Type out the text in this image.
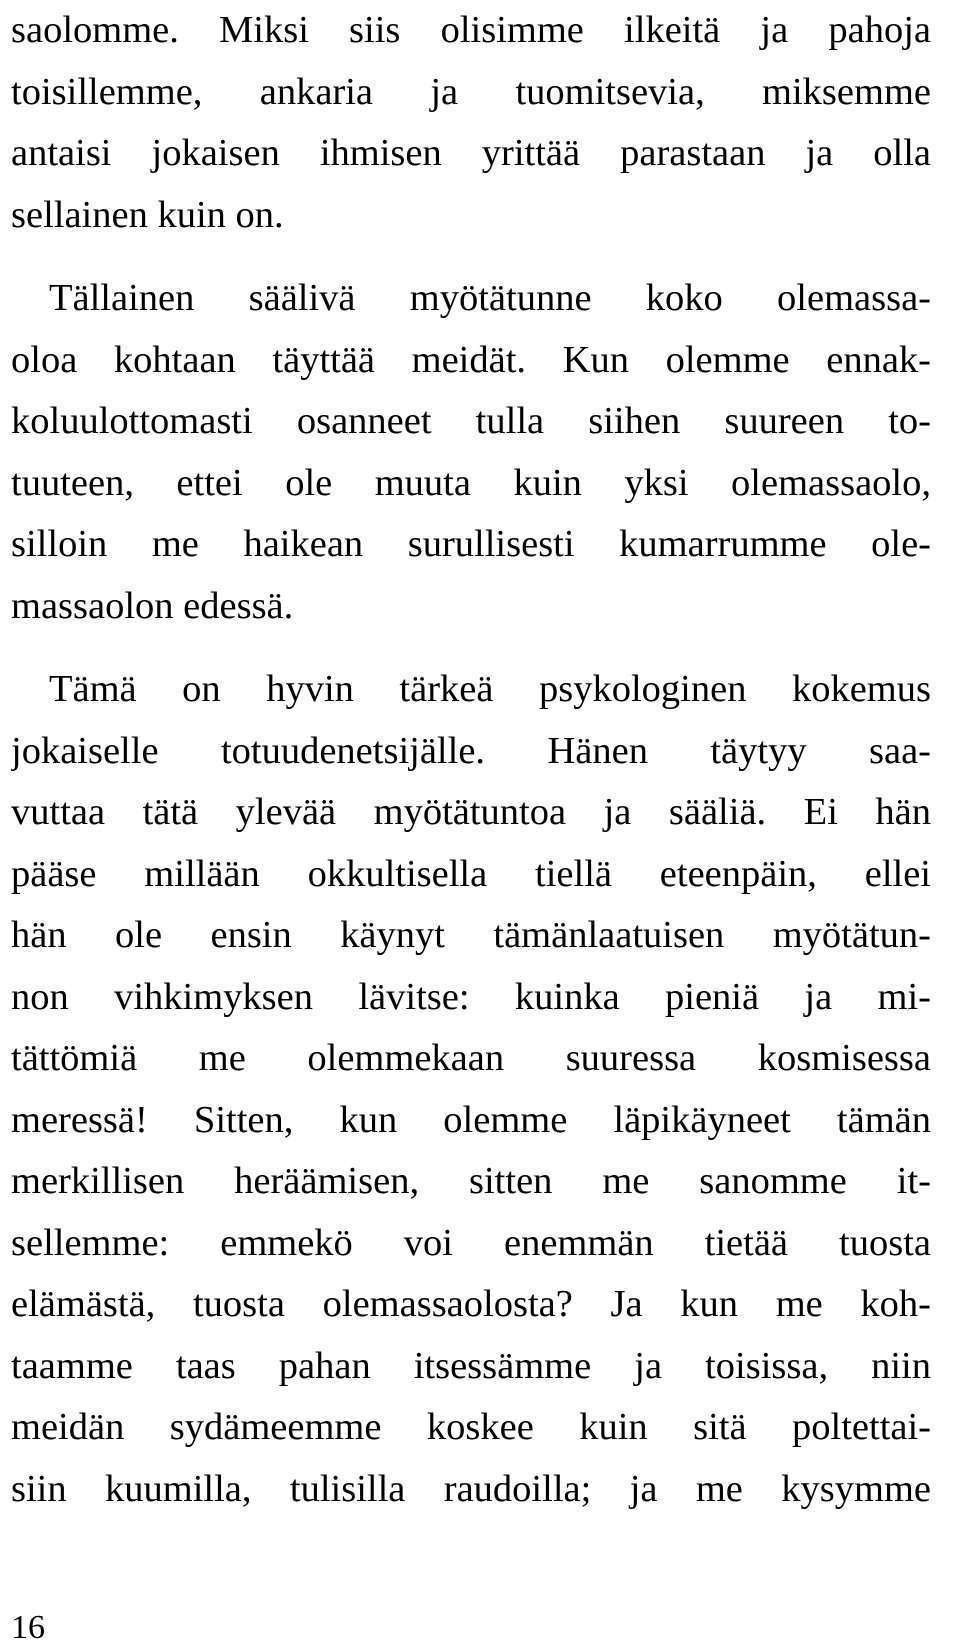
saolomme. Miksi siis olisimme ilkeitä ja pahoja
toisillemme, ankaria ja tuomitsevia, miksemme
antaisi jokaisen ihmisen yrittää parastaan ja olla
sellainen kuin on.
Tällainen säälivä myötätunne koko olemassa-
oloa kohtaan täyttää meidät. Kun olemme ennak-
koluulottomasti osanneet tulla siihen suureen to-
tuuteen, ettei ole muuta kuin yksi olemassaolo,
silloin me haikean surullisesti kumarrumme ole-
massaolon edessä.
Tämä on hyvin tärkeä psykologinen kokemus
jokaiselle totuudenetsijälle. Hänen täytyy saa-
vuttaa tätä ylevää myötätuntoa ja sääliä. Ei hän
pääse millään okkultisella tiellä eteenpäin, ellei
hän ole ensin käynyt tämänlaatuisen myötätun-
non vihkimyksen lävitse: kuinka pieniä ja mi-
tättömiä me olemmekaan suuressa kosmisessa
meressä! Sitten, kun olemme läpikäyneet tämän
merkillisen heräämisen, sitten me sanomme it-
sellemme: emmekö voi enemmän tietää tuosta
elämästä, tuosta olemassaolosta? Ja kun me koh-
taamme taas pahan itsessämme ja toisissa, niin
meidän sydämeemme koskee kuin sitä poltettai-
siin kuumilla, tulisilla raudoilla; ja me kysymme
16
